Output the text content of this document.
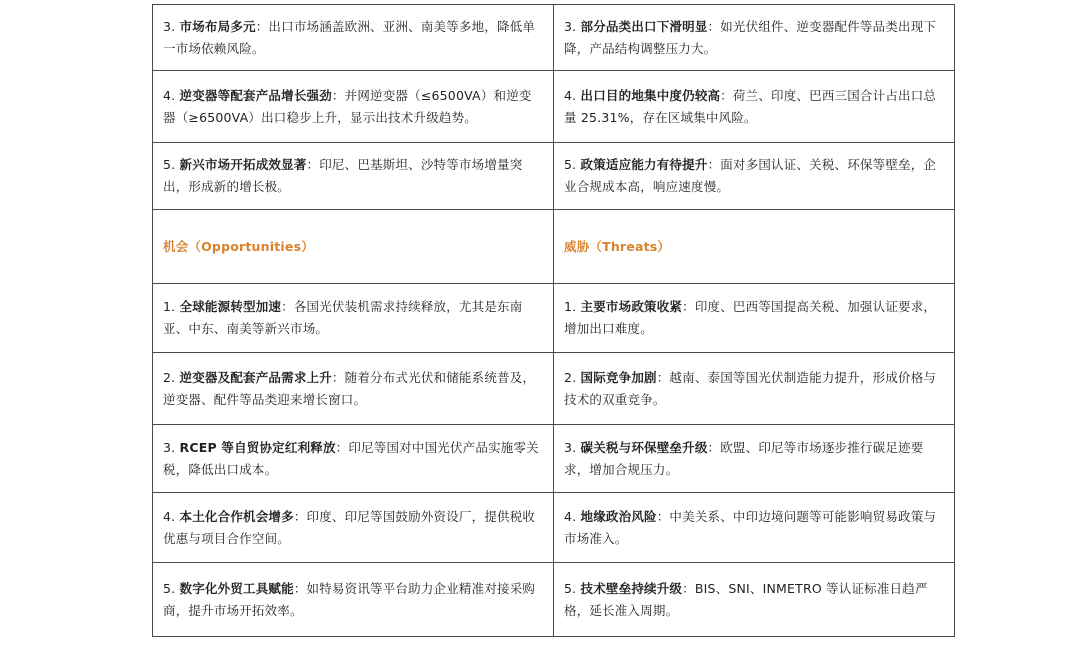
3. 市场布局多元：出口市场涵盖欧洲、亚洲、南美等多地，降低单一市场依赖风险。	3. 部分品类出口下滑明显：如光伏组件、逆变器配件等品类出现下降，产品结构调整压力大。
4. 逆变器等配套产品增长强劲：并网逆变器（≤6500VA）和逆变器（≥6500VA）出口稳步上升，显示出技术升级趋势。	4. 出口目的地集中度仍较高：荷兰、印度、巴西三国合计占出口总量 25.31%，存在区域集中风险。
5. 新兴市场开拓成效显著：印尼、巴基斯坦、沙特等市场增量突出，形成新的增长极。	5. 政策适应能力有待提升：面对多国认证、关税、环保等壁垒，企业合规成本高，响应速度慢。
机会（Opportunities）	威胁（Threats）
1. 全球能源转型加速：各国光伏装机需求持续释放，尤其是东南亚、中东、南美等新兴市场。	1. 主要市场政策收紧：印度、巴西等国提高关税、加强认证要求，增加出口难度。
2. 逆变器及配套产品需求上升：随着分布式光伏和储能系统普及，逆变器、配件等品类迎来增长窗口。	2. 国际竞争加剧：越南、泰国等国光伏制造能力提升，形成价格与技术的双重竞争。
3. RCEP 等自贸协定红利释放：印尼等国对中国光伏产品实施零关税，降低出口成本。	3. 碳关税与环保壁垒升级：欧盟、印尼等市场逐步推行碳足迹要求，增加合规压力。
4. 本土化合作机会增多：印度、印尼等国鼓励外资设厂，提供税收优惠与项目合作空间。	4. 地缘政治风险：中美关系、中印边境问题等可能影响贸易政策与市场准入。
5. 数字化外贸工具赋能：如特易资讯等平台助力企业精准对接采购商，提升市场开拓效率。	5. 技术壁垒持续升级：BIS、SNI、INMETRO 等认证标准日趋严格，延长准入周期。
